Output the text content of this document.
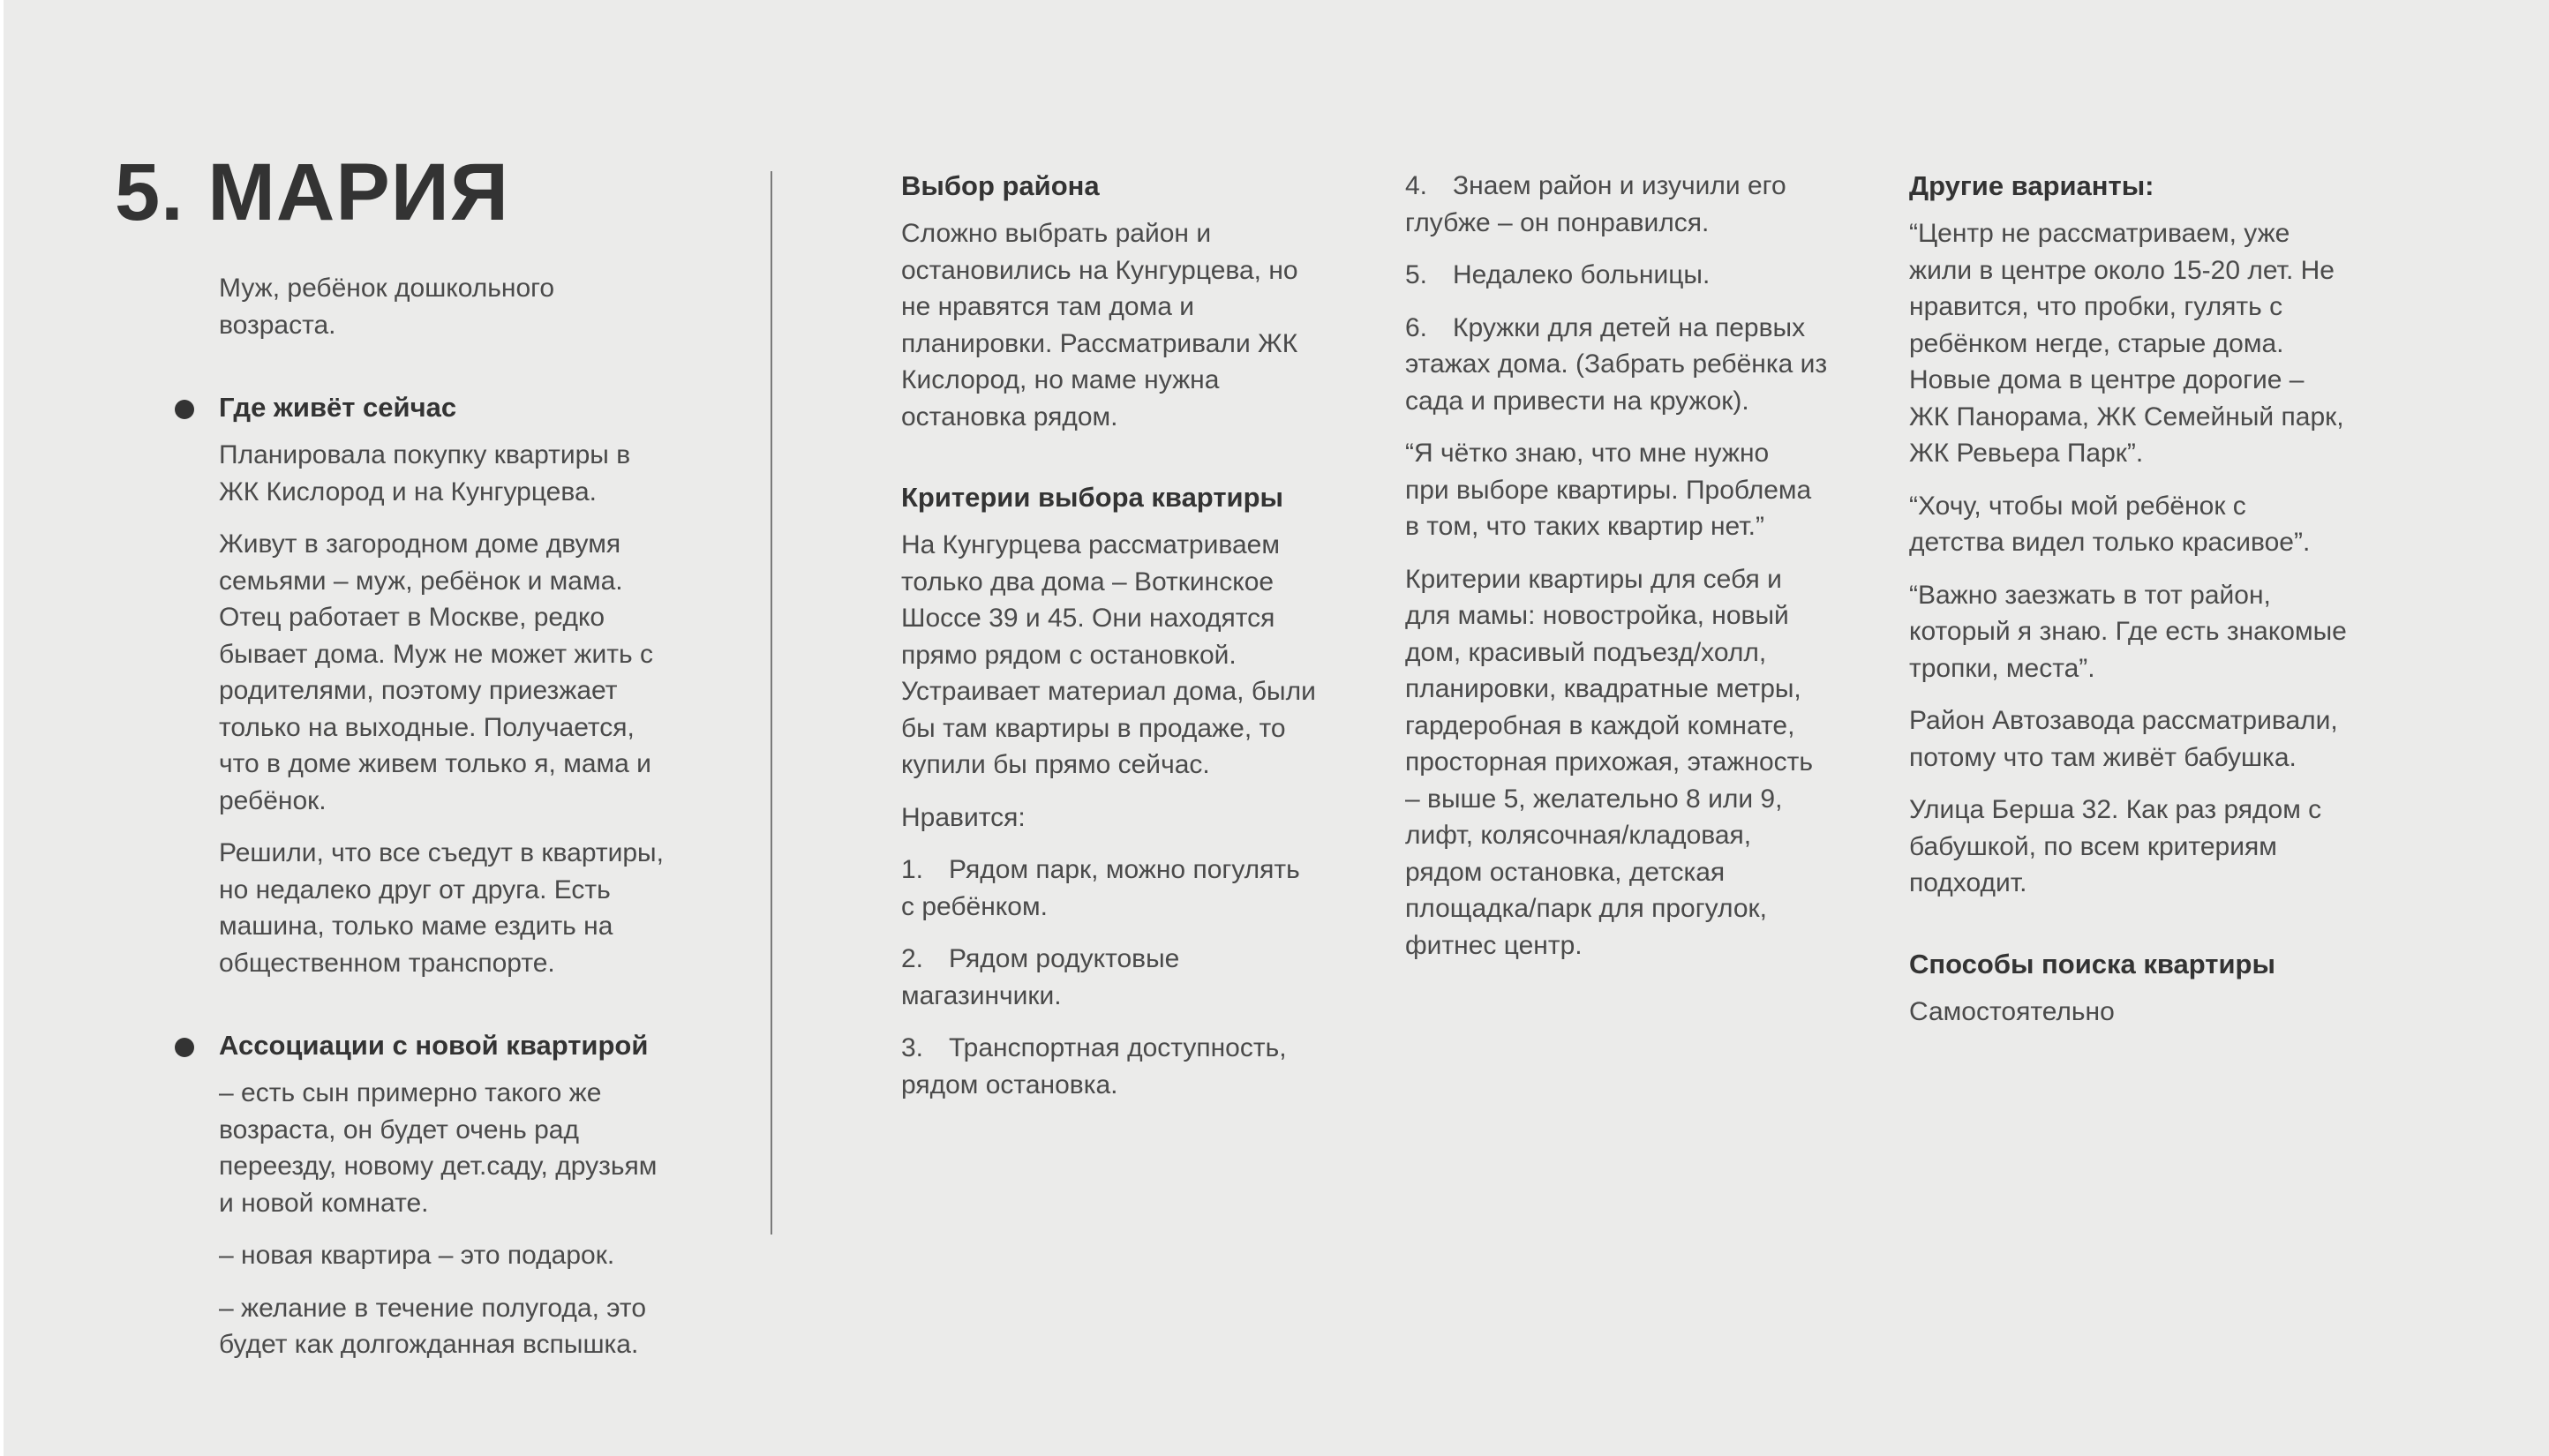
5. МАРИЯ

Муж, ребёнок дошкольного
возраста.

Где живёт сейчас

Планировала покупку квартиры в
ЖК Кислород и на Кунгурцева.

Живут в загородном доме двумя
семьями – муж, ребёнок и мама.
Отец работает в Москве, редко
бывает дома. Муж не может жить с
родителями, поэтому приезжает
только на выходные. Получается,
что в доме живем только я, мама и
ребёнок.

Решили, что все съедут в квартиры,
но недалеко друг от друга. Есть
машина, только маме ездить на
общественном транспорте.

Ассоциации с новой квартирой

– есть сын примерно такого же
возраста, он будет очень рад
переезду, новому дет.саду, друзьям
и новой комнате.

– новая квартира – это подарок.

– желание в течение полугода, это
будет как долгожданная вспышка.

Выбор района

Сложно выбрать район и
остановились на Кунгурцева, но
не нравятся там дома и
планировки. Рассматривали ЖК
Кислород, но маме нужна
остановка рядом.

Критерии выбора квартиры

На Кунгурцева рассматриваем
только два дома – Воткинское
Шоссе 39 и 45. Они находятся
прямо рядом с остановкой.
Устраивает материал дома, были
бы там квартиры в продаже, то
купили бы прямо сейчас.

Нравится:

1. Рядом парк, можно погулять
с ребёнком.

2. Рядом родуктовые
магазинчики.

3. Транспортная доступность,
рядом остановка.

4. Знаем район и изучили его
глубже – он понравился.

5. Недалеко больницы.

6. Кружки для детей на первых
этажах дома. (Забрать ребёнка из
сада и привести на кружок).

“Я чётко знаю, что мне нужно
при выборе квартиры. Проблема
в том, что таких квартир нет.”

Критерии квартиры для себя и
для мамы: новостройка, новый
дом, красивый подъезд/холл,
планировки, квадратные метры,
гардеробная в каждой комнате,
просторная прихожая, этажность
– выше 5, желательно 8 или 9,
лифт, колясочная/кладовая,
рядом остановка, детская
площадка/парк для прогулок,
фитнес центр.

Другие варианты:

“Центр не рассматриваем, уже
жили в центре около 15-20 лет. Не
нравится, что пробки, гулять с
ребёнком негде, старые дома.
Новые дома в центре дорогие –
ЖК Панорама, ЖК Семейный парк,
ЖК Ревьера Парк”.

“Хочу, чтобы мой ребёнок с
детства видел только красивое”.

“Важно заезжать в тот район,
который я знаю. Где есть знакомые
тропки, места”.

Район Автозавода рассматривали,
потому что там живёт бабушка.

Улица Берша 32. Как раз рядом с
бабушкой, по всем критериям
подходит.

Способы поиска квартиры

Самостоятельно
